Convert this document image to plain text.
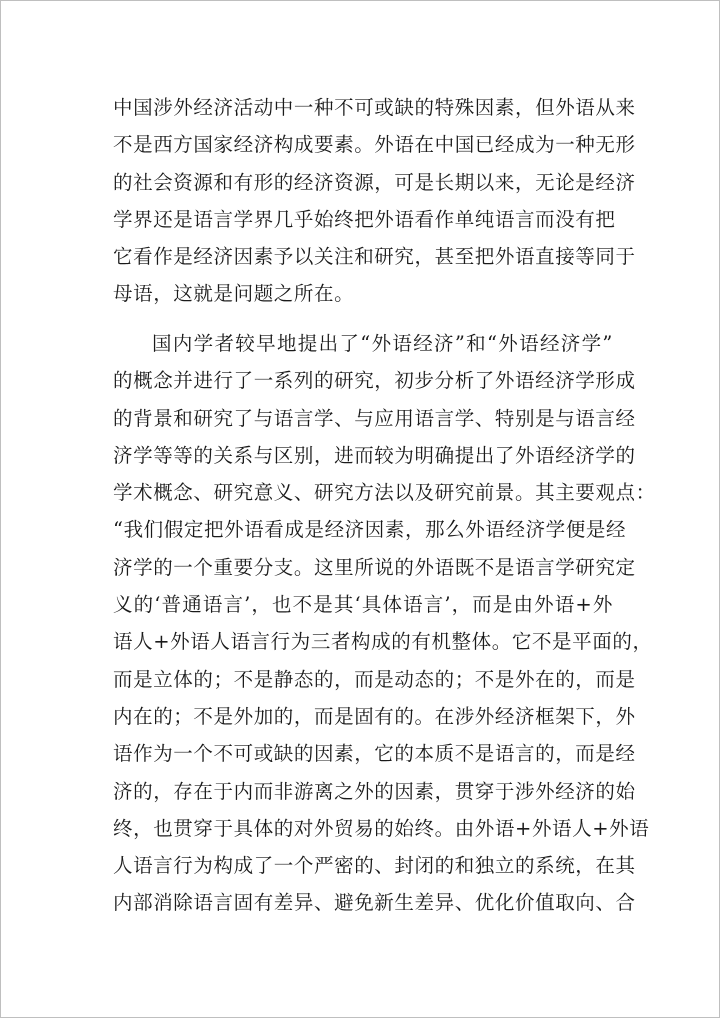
中国涉外经济活动中一种不可或缺的特殊因素，但外语从来
不是西方国家经济构成要素。外语在中国已经成为一种无形
的社会资源和有形的经济资源，可是长期以来，无论是经济
学界还是语言学界几乎始终把外语看作单纯语言而没有把
它看作是经济因素予以关注和研究，甚至把外语直接等同于
母语，这就是问题之所在。
国内学者较早地提出了“外语经济”和“外语经济学”
的概念并进行了一系列的研究，初步分析了外语经济学形成
的背景和研究了与语言学、与应用语言学、特别是与语言经
济学等等的关系与区别，进而较为明确提出了外语经济学的
学术概念、研究意义、研究方法以及研究前景。其主要观点：
“我们假定把外语看成是经济因素，那么外语经济学便是经
济学的一个重要分支。这里所说的外语既不是语言学研究定
义的‘普通语言’，也不是其‘具体语言’，而是由外语+外
语人+外语人语言行为三者构成的有机整体。它不是平面的，
而是立体的；不是静态的，而是动态的；不是外在的，而是
内在的；不是外加的，而是固有的。在涉外经济框架下，外
语作为一个不可或缺的因素，它的本质不是语言的，而是经
济的，存在于内而非游离之外的因素，贯穿于涉外经济的始
终，也贯穿于具体的对外贸易的始终。由外语+外语人+外语
人语言行为构成了一个严密的、封闭的和独立的系统，在其
内部消除语言固有差异、避免新生差异、优化价值取向、合
